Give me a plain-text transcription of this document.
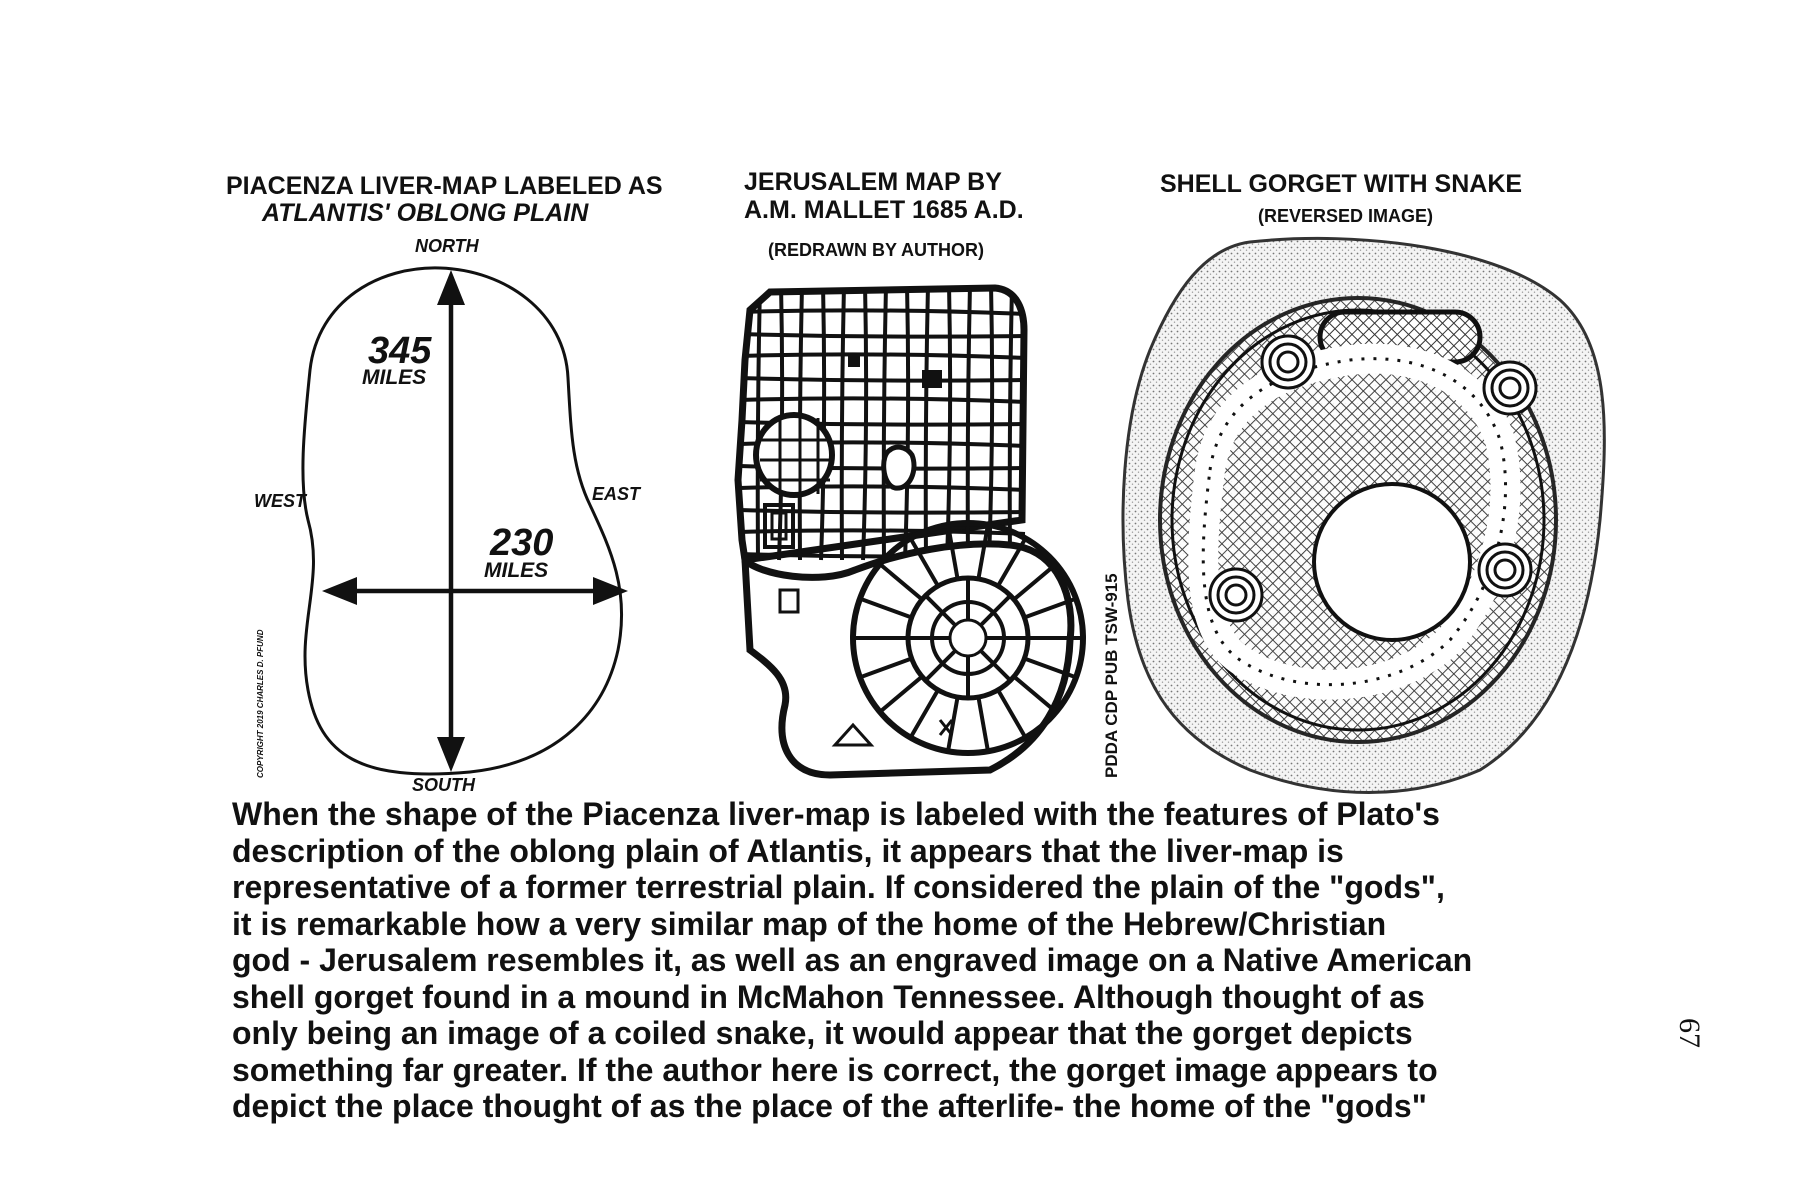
PIACENZA LIVER-MAP LABELED AS
ATLANTIS' OBLONG PLAIN
NORTH
SOUTH
WEST	EAST
345
MILES
230
MILES
COPYRIGHT 2019 CHARLES D. PFUND
JERUSALEM MAP BY
A.M. MALLET 1685 A.D.
(REDRAWN BY AUTHOR)
SHELL GORGET WITH SNAKE
(REVERSED IMAGE)
PDDA CDP PUB TSW-915
When the shape of the Piacenza liver-map is labeled with the features of Plato's
description of the oblong plain of Atlantis, it appears that the liver-map is
representative of a former terrestrial plain. If considered the plain of the "gods",
it is remarkable how a very similar map of the home of the Hebrew/Christian
god - Jerusalem resembles it, as well as an engraved image on a Native American
shell gorget found in a mound in McMahon Tennessee. Although thought of as
only being an image of a coiled snake, it would appear that the gorget depicts
something far greater. If the author here is correct, the gorget image appears to
depict the place thought of as the place of the afterlife- the home of the "gods"
67
